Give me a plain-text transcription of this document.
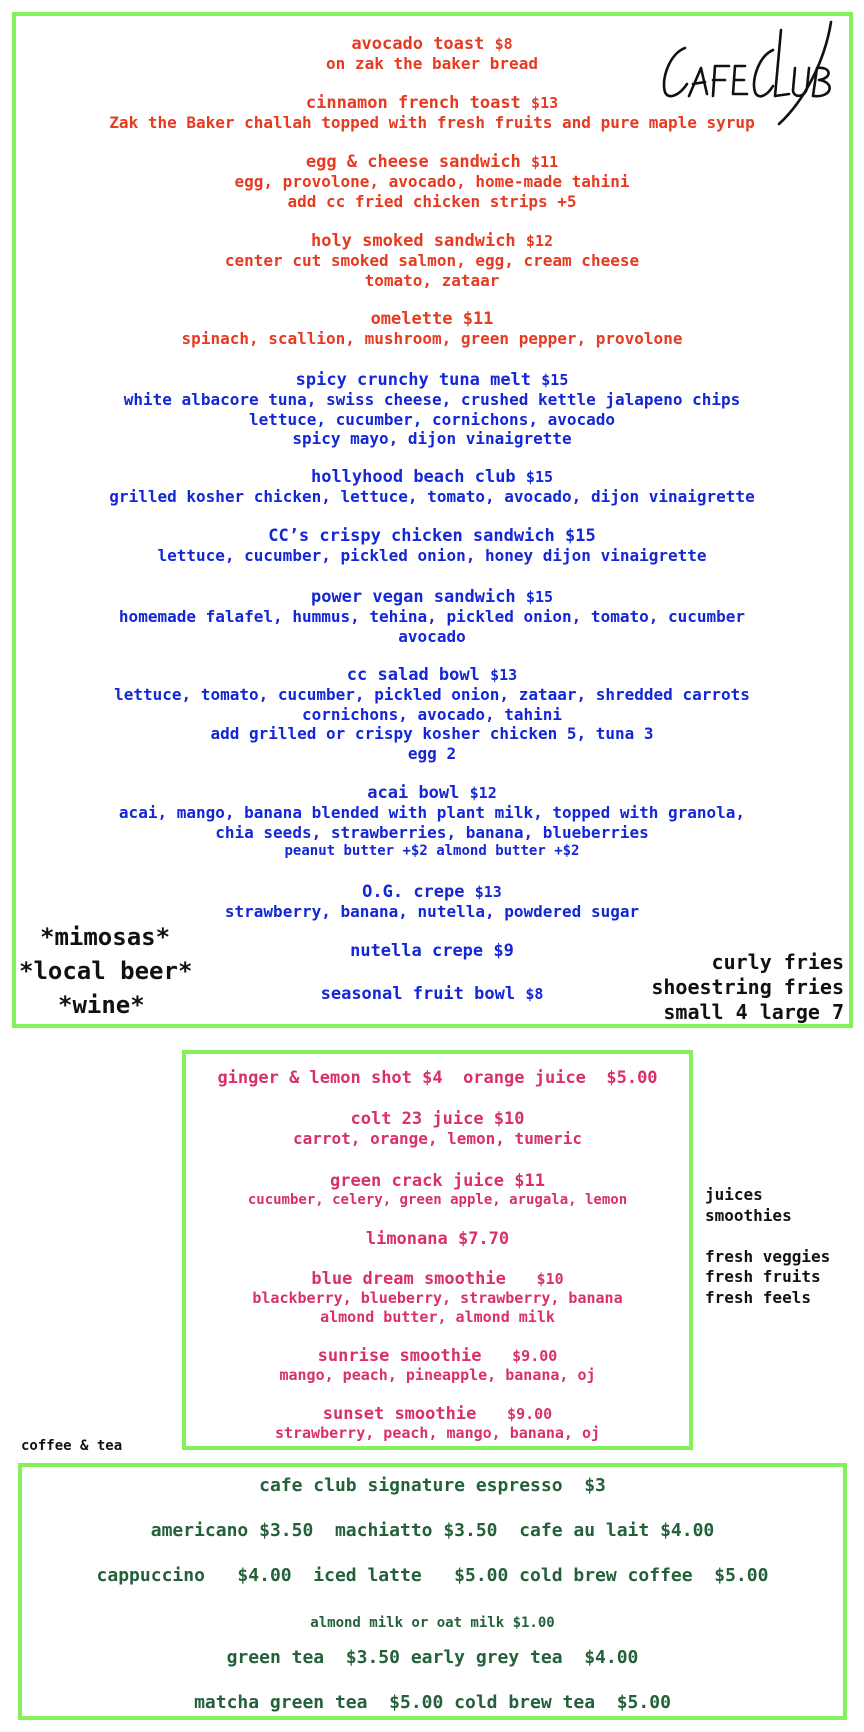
avocado toast $8
on zak the baker bread
cinnamon french toast $13
Zak the Baker challah topped with fresh fruits and pure maple syrup
egg & cheese sandwich $11
egg, provolone, avocado, home-made tahini
add cc fried chicken strips +5
holy smoked sandwich $12
center cut smoked salmon, egg, cream cheese
tomato, zataar
omelette $11
spinach, scallion, mushroom, green pepper, provolone
spicy crunchy tuna melt $15
white albacore tuna, swiss cheese, crushed kettle jalapeno chips
lettuce, cucumber, cornichons, avocado
spicy mayo, dijon vinaigrette
hollyhood beach club $15
grilled kosher chicken, lettuce, tomato, avocado, dijon vinaigrette
CC’s crispy chicken sandwich $15
lettuce, cucumber, pickled onion, honey dijon vinaigrette
power vegan sandwich $15
homemade falafel, hummus, tehina, pickled onion, tomato, cucumber
avocado
cc salad bowl $13
lettuce, tomato, cucumber, pickled onion, zataar, shredded carrots
cornichons, avocado, tahini
add grilled or crispy kosher chicken 5, tuna 3
egg 2
acai bowl $12
acai, mango, banana blended with plant milk, topped with granola,
chia seeds, strawberries, banana, blueberries
peanut butter +$2 almond butter +$2
O.G. crepe $13
strawberry, banana, nutella, powdered sugar
nutella crepe $9
seasonal fruit bowl $8
*mimosas*
*local beer*
*wine*
curly fries
shoestring fries
small 4 large 7
ginger & lemon shot $4  orange juice  $5.00
colt 23 juice $10
carrot, orange, lemon, tumeric
green crack juice $11
cucumber, celery, green apple, arugala, lemon
limonana $7.70
blue dream smoothie $10
blackberry, blueberry, strawberry, banana
almond butter, almond milk
sunrise smoothie $9.00
mango, peach, pineapple, banana, oj
sunset smoothie $9.00
strawberry, peach, mango, banana, oj
juices
smoothies
fresh veggies
fresh fruits
fresh feels
coffee & tea
cafe club signature espresso  $3
americano $3.50  machiatto $3.50  cafe au lait $4.00
cappuccino   $4.00  iced latte   $5.00 cold brew coffee  $5.00
almond milk or oat milk $1.00
green tea  $3.50 early grey tea  $4.00
matcha green tea  $5.00 cold brew tea  $5.00
